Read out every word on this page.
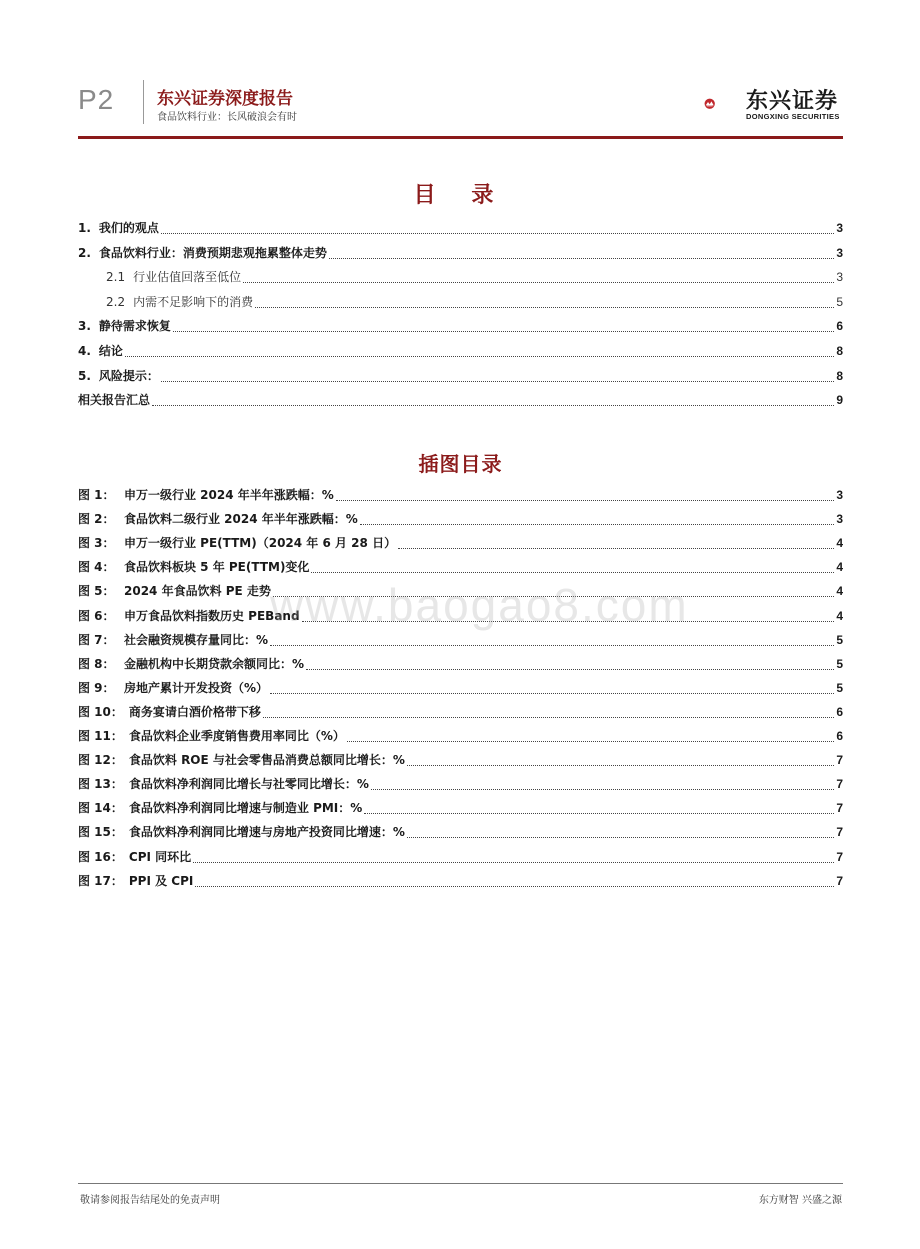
P2	东兴证券深度报告
食品饮料行业：长风破浪会有时
东兴证券
DONGXING SECURITIES
目 录
1. 我们的观点	3
2. 食品饮料行业：消费预期悲观拖累整体走势	3
2.1 行业估值回落至低位	3
2.2 内需不足影响下的消费	5
3. 静待需求恢复	6
4. 结论	8
5. 风险提示：	8
相关报告汇总	9
插图目录
图 1： 申万一级行业 2024 年半年涨跌幅：%	3
图 2： 食品饮料二级行业 2024 年半年涨跌幅：%	3
图 3： 申万一级行业 PE(TTM)（2024 年 6 月 28 日）	4
图 4： 食品饮料板块 5 年 PE(TTM)变化	4
图 5： 2024 年食品饮料 PE 走势	4
图 6： 申万食品饮料指数历史 PEBand	4
图 7： 社会融资规模存量同比：%	5
图 8： 金融机构中长期贷款余额同比：%	5
图 9： 房地产累计开发投资（%）	5
图 10： 商务宴请白酒价格带下移	6
图 11： 食品饮料企业季度销售费用率同比（%）	6
图 12： 食品饮料 ROE 与社会零售品消费总额同比增长：%	7
图 13： 食品饮料净利润同比增长与社零同比增长：%	7
图 14： 食品饮料净利润同比增速与制造业 PMI：%	7
图 15： 食品饮料净利润同比增速与房地产投资同比增速：%	7
图 16： CPI 同环比	7
图 17： PPI 及 CPI	7
www.baogao8.com
敬请参阅报告结尾处的免责声明	东方财智 兴盛之源
